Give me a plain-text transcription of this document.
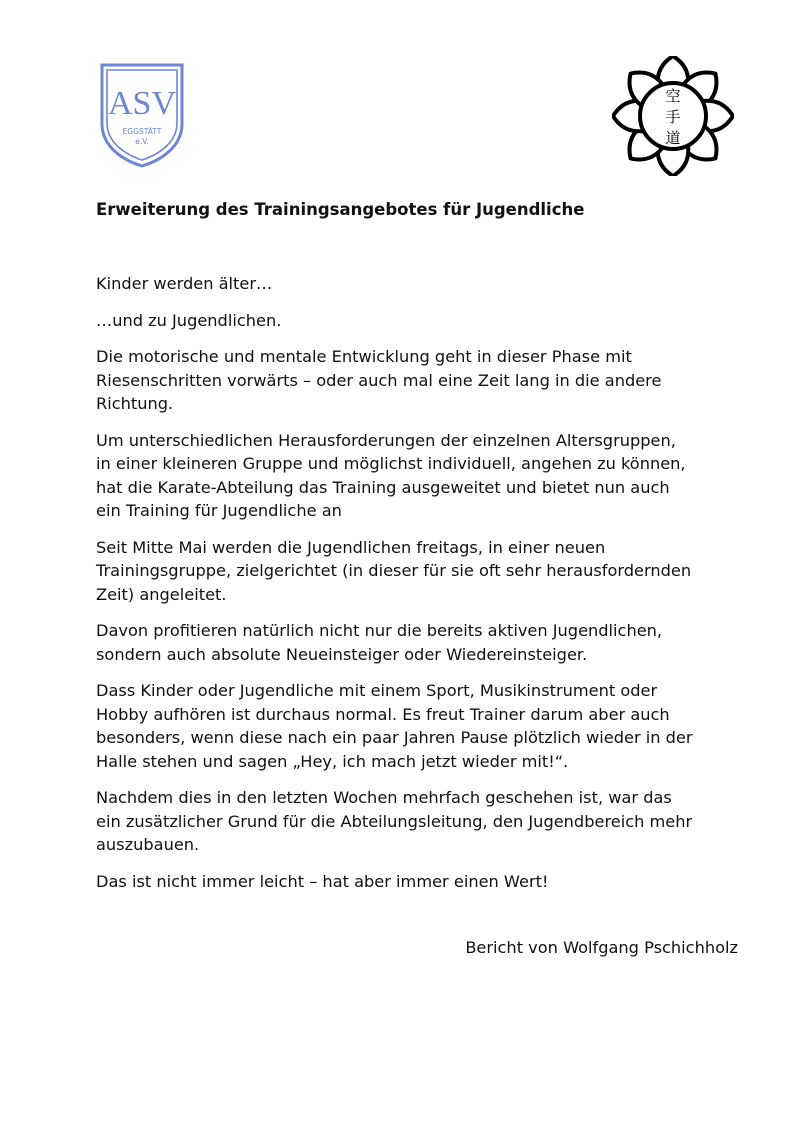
ASV
EGGSTÄTT
e.V.
空
手
道
Erweiterung des Trainingsangebotes für Jugendliche

Kinder werden älter…

…und zu Jugendlichen.

Die motorische und mentale Entwicklung geht in dieser Phase mit
Riesenschritten vorwärts – oder auch mal eine Zeit lang in die andere
Richtung.

Um unterschiedlichen Herausforderungen der einzelnen Altersgruppen,
in einer kleineren Gruppe und möglichst individuell, angehen zu können,
hat die Karate-Abteilung das Training ausgeweitet und bietet nun auch
ein Training für Jugendliche an

Seit Mitte Mai werden die Jugendlichen freitags, in einer neuen
Trainingsgruppe, zielgerichtet (in dieser für sie oft sehr herausfordernden
Zeit) angeleitet.

Davon profitieren natürlich nicht nur die bereits aktiven Jugendlichen,
sondern auch absolute Neueinsteiger oder Wiedereinsteiger.

Dass Kinder oder Jugendliche mit einem Sport, Musikinstrument oder
Hobby aufhören ist durchaus normal. Es freut Trainer darum aber auch
besonders, wenn diese nach ein paar Jahren Pause plötzlich wieder in der
Halle stehen und sagen „Hey, ich mach jetzt wieder mit!“.

Nachdem dies in den letzten Wochen mehrfach geschehen ist, war das
ein zusätzlicher Grund für die Abteilungsleitung, den Jugendbereich mehr
auszubauen.

Das ist nicht immer leicht – hat aber immer einen Wert!

Bericht von Wolfgang Pschichholz
